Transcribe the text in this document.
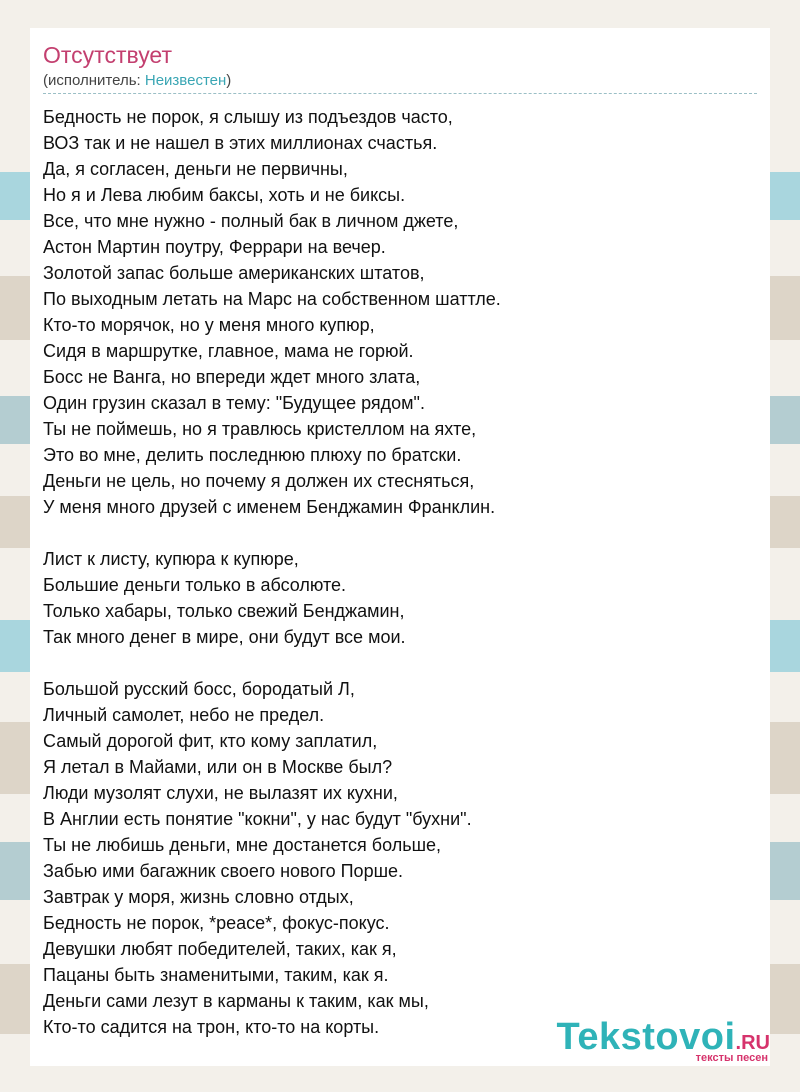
Отсутствует
(исполнитель: Неизвестен)
Бедность не порок, я слышу из подъездов часто,
ВОЗ так и не нашел в этих миллионах счастья.
Да, я согласен, деньги не первичны,
Но я и Лева любим баксы, хоть и не биксы.
Все, что мне нужно - полный бак в личном джете,
Астон Мартин поутру, Феррари на вечер.
Золотой запас больше американских штатов,
По выходным летать на Марс на собственном шаттле.
Кто-то морячок, но у меня много купюр,
Сидя в маршрутке, главное, мама не горюй.
Босс не Ванга, но впереди ждет много злата,
Один грузин сказал в тему: "Будущее рядом".
Ты не поймешь, но я травлюсь кристеллом на яхте,
Это во мне, делить последнюю плюху по братски.
Деньги не цель, но почему я должен их стесняться,
У меня много друзей с именем Бенджамин Франклин.
Лист к листу, купюра к купюре,
Большие деньги только в абсолюте.
Только хабары, только свежий Бенджамин,
Так много денег в мире, они будут все мои.
Большой русский босс, бородатый Л,
Личный самолет, небо не предел.
Самый дорогой фит, кто кому заплатил,
Я летал в Майами, или он в Москве был?
Люди музолят слухи, не вылазят их кухни,
В Англии есть понятие "кокни", у нас будут "бухни".
Ты не любишь деньги, мне достанется больше,
Забью ими багажник своего нового Порше.
Завтрак у моря, жизнь словно отдых,
Бедность не порок, *peace*, фокус-покус.
Девушки любят победителей, таких, как я,
Пацаны быть знаменитыми, таким, как я.
Деньги сами лезут в карманы к таким, как мы,
Кто-то садится на трон, кто-то на корты.	Tekstovoi.RU
тексты песен
